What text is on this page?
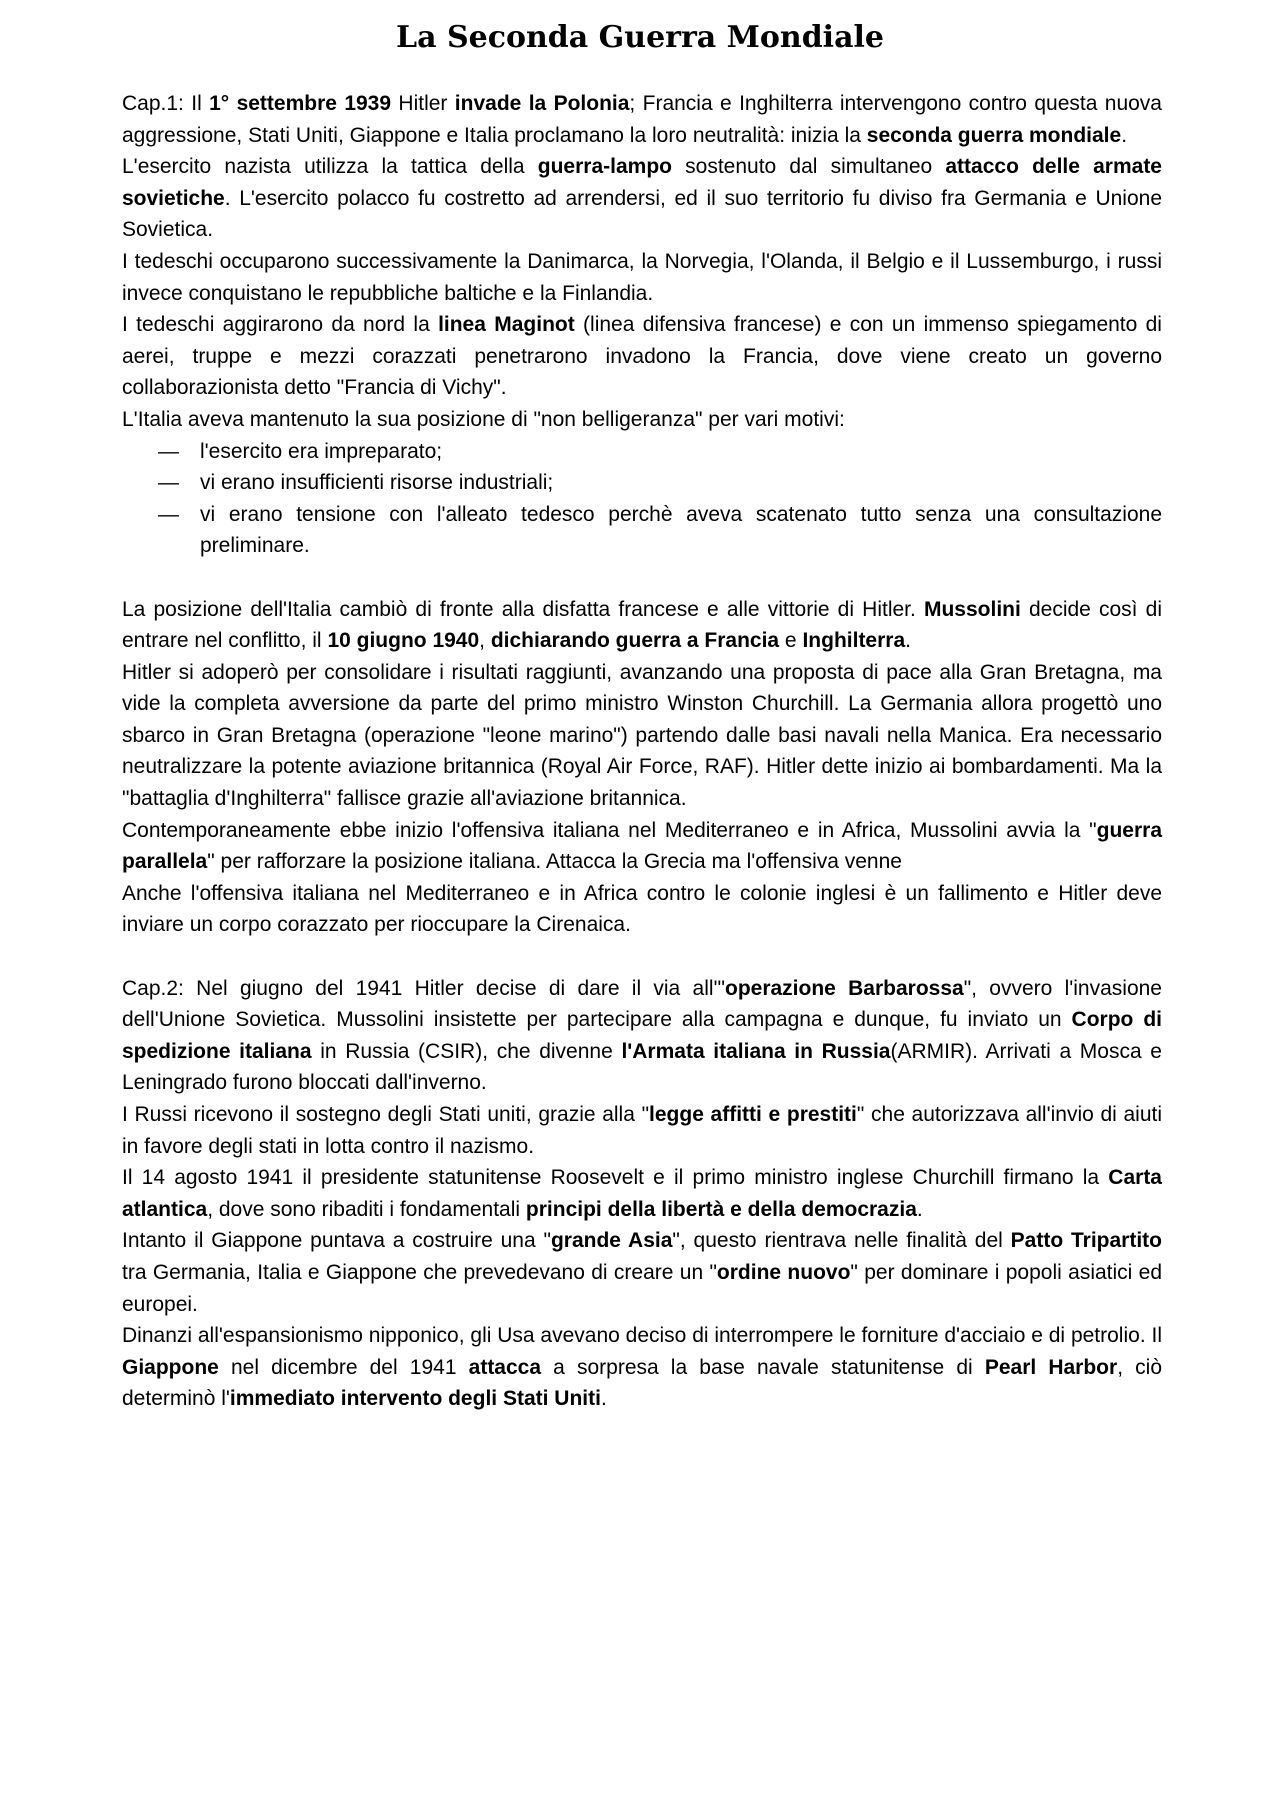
La Seconda Guerra Mondiale

Cap.1: Il 1° settembre 1939 Hitler invade la Polonia; Francia e Inghilterra intervengono contro questa nuova aggressione, Stati Uniti, Giappone e Italia proclamano la loro neutralità: inizia la seconda guerra mondiale.

L'esercito nazista utilizza la tattica della guerra-lampo sostenuto dal simultaneo attacco delle armate sovietiche. L'esercito polacco fu costretto ad arrendersi, ed il suo territorio fu diviso fra Germania e Unione Sovietica.

I tedeschi occuparono successivamente la Danimarca, la Norvegia, l'Olanda, il Belgio e il Lussemburgo, i russi invece conquistano le repubbliche baltiche e la Finlandia.

I tedeschi aggirarono da nord la linea Maginot (linea difensiva francese) e con un immenso spiegamento di aerei, truppe e mezzi corazzati penetrarono invadono la Francia, dove viene creato un governo collaborazionista detto "Francia di Vichy".

L'Italia aveva mantenuto la sua posizione di "non belligeranza" per vari motivi:

— l'esercito era impreparato;
— vi erano insufficienti risorse industriali;
— vi erano tensione con l'alleato tedesco perchè aveva scatenato tutto senza una consultazione preliminare.

La posizione dell'Italia cambiò di fronte alla disfatta francese e alle vittorie di Hitler. Mussolini decide così di entrare nel conflitto, il 10 giugno 1940, dichiarando guerra a Francia e Inghilterra.

Hitler si adoperò per consolidare i risultati raggiunti, avanzando una proposta di pace alla Gran Bretagna, ma vide la completa avversione da parte del primo ministro Winston Churchill. La Germania allora progettò uno sbarco in Gran Bretagna (operazione "leone marino") partendo dalle basi navali nella Manica. Era necessario neutralizzare la potente aviazione britannica (Royal Air Force, RAF). Hitler dette inizio ai bombardamenti. Ma la "battaglia d'Inghilterra" fallisce grazie all'aviazione britannica.

Contemporaneamente ebbe inizio l'offensiva italiana nel Mediterraneo e in Africa, Mussolini avvia la "guerra parallela" per rafforzare la posizione italiana. Attacca la Grecia ma l'offensiva venne

Anche l'offensiva italiana nel Mediterraneo e in Africa contro le colonie inglesi è un fallimento e Hitler deve inviare un corpo corazzato per rioccupare la Cirenaica.

Cap.2: Nel giugno del 1941 Hitler decise di dare il via all'"operazione Barbarossa", ovvero l'invasione dell'Unione Sovietica. Mussolini insistette per partecipare alla campagna e dunque, fu inviato un Corpo di spedizione italiana in Russia (CSIR), che divenne l'Armata italiana in Russia(ARMIR). Arrivati a Mosca e Leningrado furono bloccati dall'inverno.

I Russi ricevono il sostegno degli Stati uniti, grazie alla "legge affitti e prestiti" che autorizzava all'invio di aiuti in favore degli stati in lotta contro il nazismo.

Il 14 agosto 1941 il presidente statunitense Roosevelt e il primo ministro inglese Churchill firmano la Carta atlantica, dove sono ribaditi i fondamentali principi della libertà e della democrazia.

Intanto il Giappone puntava a costruire una "grande Asia", questo rientrava nelle finalità del Patto Tripartito tra Germania, Italia e Giappone che prevedevano di creare un "ordine nuovo" per dominare i popoli asiatici ed europei.

Dinanzi all'espansionismo nipponico, gli Usa avevano deciso di interrompere le forniture d'acciaio e di petrolio. Il Giappone nel dicembre del 1941 attacca a sorpresa la base navale statunitense di Pearl Harbor, ciò determinò l'immediato intervento degli Stati Uniti.
